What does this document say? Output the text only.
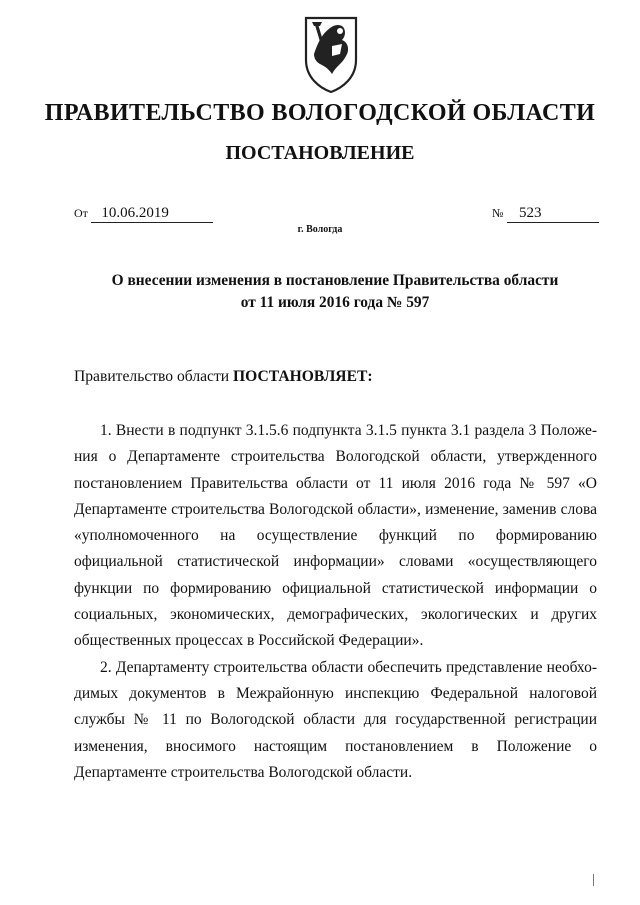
ПРАВИТЕЛЬСТВО ВОЛОГОДСКОЙ ОБЛАСТИ
ПОСТАНОВЛЕНИЕ
От 10.06.2019	№ 523
г. Вологда
О внесении изменения в постановление Правительства области
от 11 июля 2016 года № 597
Правительство области ПОСТАНОВЛЯЕТ:

1. Внести в подпункт 3.1.5.6 подпункта 3.1.5 пункта 3.1 раздела 3 Положения о Департаменте строительства Вологодской области, утвержденного постановлением Правительства области от 11 июля 2016 года № 597 «О Департаменте строительства Вологодской области», изменение, заменив слова «уполномоченного на осуществление функций по формированию официальной статистической информации» словами «осуществляющего функции по формированию официальной статистической информации о социальных, экономических, демографических, экологических и других общественных процессах в Российской Федерации».

2. Департаменту строительства области обеспечить представление необходимых документов в Межрайонную инспекцию Федеральной налоговой службы № 11 по Вологодской области для государственной регистрации изменения, вносимого настоящим постановлением в Положение о Департаменте строительства Вологодской области.
